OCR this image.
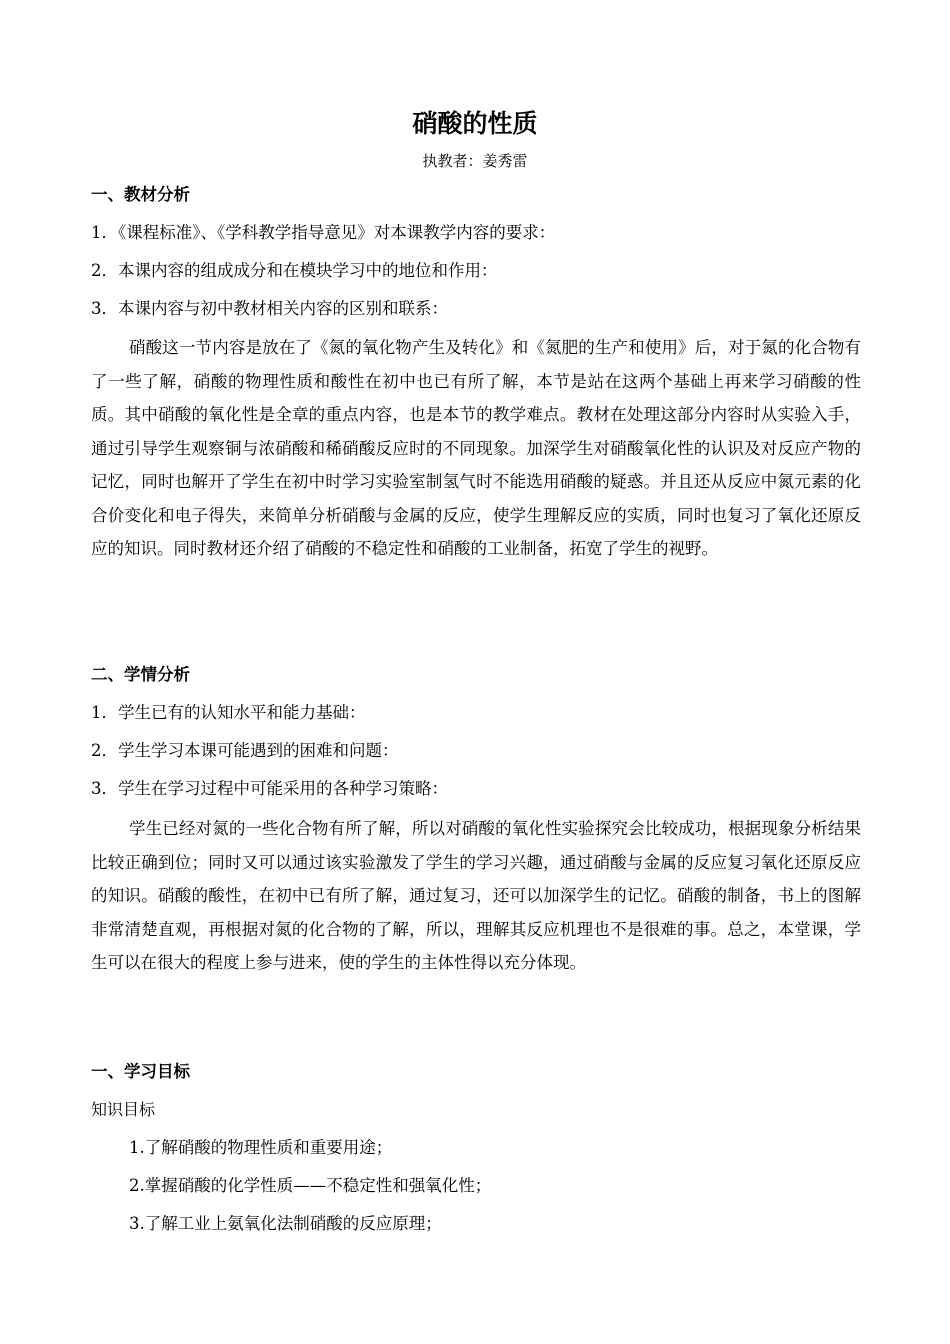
硝酸的性质
执教者：姜秀雷
一、教材分析
1．《课程标准》、《学科教学指导意见》对本课教学内容的要求：
2．本课内容的组成成分和在模块学习中的地位和作用：
3．本课内容与初中教材相关内容的区别和联系：

硝酸这一节内容是放在了《氮的氧化物产生及转化》和《氮肥的生产和使用》后，对于氮的化合物有了一些了解，硝酸的物理性质和酸性在初中也已有所了解，本节是站在这两个基础上再来学习硝酸的性质。其中硝酸的氧化性是全章的重点内容，也是本节的教学难点。教材在处理这部分内容时从实验入手，通过引导学生观察铜与浓硝酸和稀硝酸反应时的不同现象。加深学生对硝酸氧化性的认识及对反应产物的记忆，同时也解开了学生在初中时学习实验室制氢气时不能选用硝酸的疑惑。并且还从反应中氮元素的化合价变化和电子得失，来简单分析硝酸与金属的反应，使学生理解反应的实质，同时也复习了氧化还原反应的知识。同时教材还介绍了硝酸的不稳定性和硝酸的工业制备，拓宽了学生的视野。

二、学情分析
1．学生已有的认知水平和能力基础：
2．学生学习本课可能遇到的困难和问题：
3．学生在学习过程中可能采用的各种学习策略：

学生已经对氮的一些化合物有所了解，所以对硝酸的氧化性实验探究会比较成功，根据现象分析结果比较正确到位；同时又可以通过该实验激发了学生的学习兴趣，通过硝酸与金属的反应复习氧化还原反应的知识。硝酸的酸性，在初中已有所了解，通过复习，还可以加深学生的记忆。硝酸的制备，书上的图解非常清楚直观，再根据对氮的化合物的了解，所以，理解其反应机理也不是很难的事。总之，本堂课，学生可以在很大的程度上参与进来，使的学生的主体性得以充分体现。

一、学习目标
知识目标
1.了解硝酸的物理性质和重要用途；
2.掌握硝酸的化学性质——不稳定性和强氧化性；
3.了解工业上氨氧化法制硝酸的反应原理；
